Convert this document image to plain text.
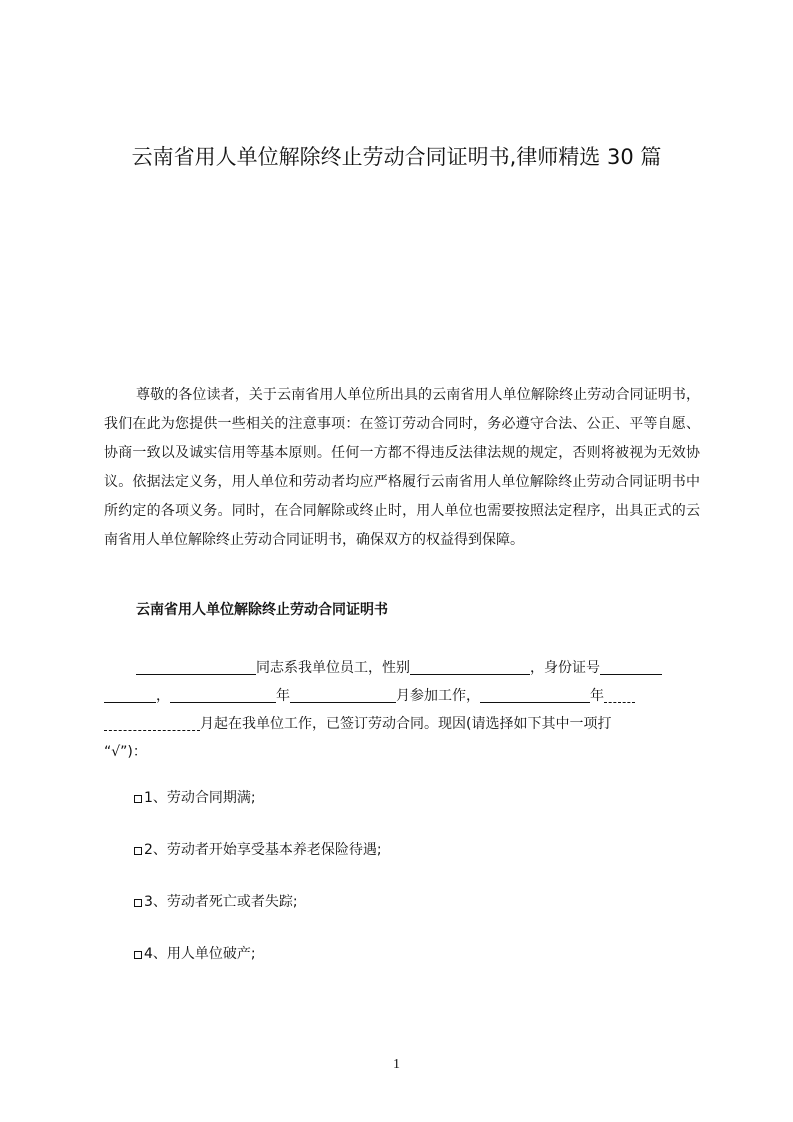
云南省用人单位解除终止劳动合同证明书,律师精选 30 篇

尊敬的各位读者，关于云南省用人单位所出具的云南省用人单位解除终止劳动合同证明书，我们在此为您提供一些相关的注意事项：在签订劳动合同时，务必遵守合法、公正、平等自愿、协商一致以及诚实信用等基本原则。任何一方都不得违反法律法规的规定，否则将被视为无效协议。依据法定义务，用人单位和劳动者均应严格履行云南省用人单位解除终止劳动合同证明书中所约定的各项义务。同时，在合同解除或终止时，用人单位也需要按照法定程序，出具正式的云南省用人单位解除终止劳动合同证明书，确保双方的权益得到保障。

云南省用人单位解除终止劳动合同证明书
同志系我单位员工，性别	，身份证号
，	年	月参加工作，	年
月起在我单位工作，已签订劳动合同。现因(请选择如下其中一项打
“√”)：
1、劳动合同期满;
2、劳动者开始享受基本养老保险待遇;
3、劳动者死亡或者失踪;
4、用人单位破产;
1
